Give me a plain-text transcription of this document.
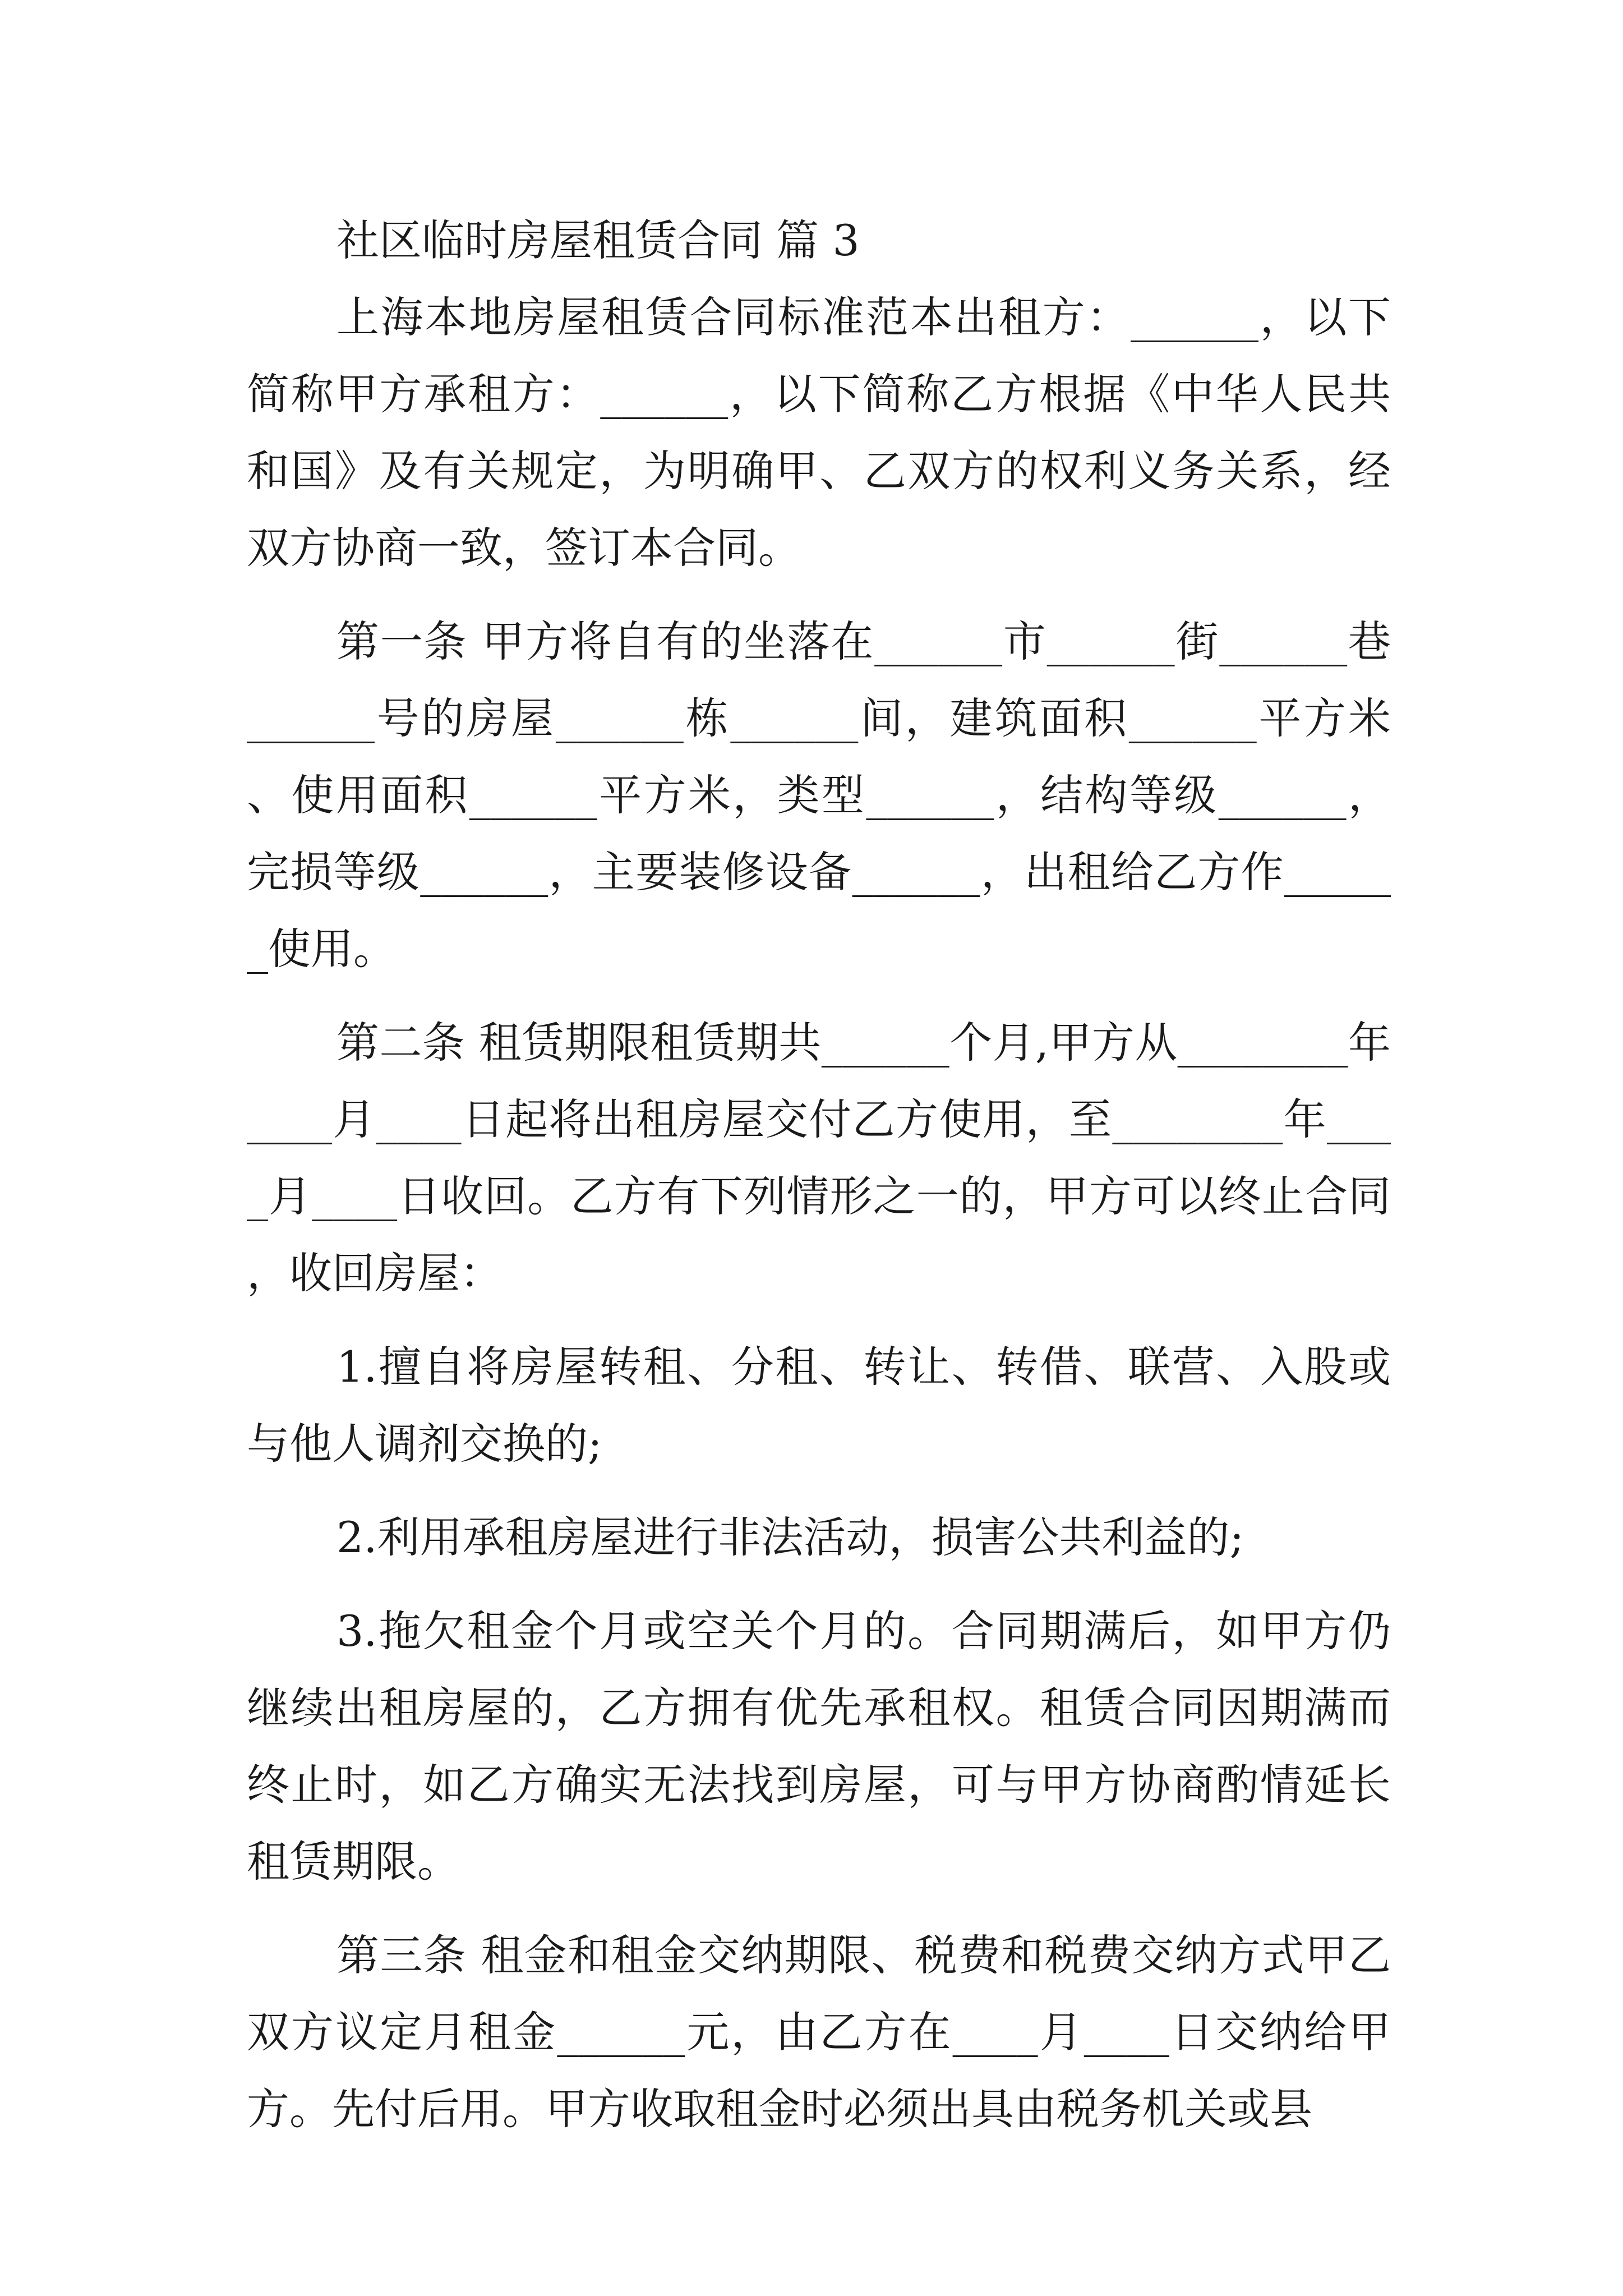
社区临时房屋租赁合同 篇 3

上海本地房屋租赁合同标准范本出租方：______，以下简称甲方承租方：______，以下简称乙方根据《中华人民共和国》及有关规定，为明确甲、乙双方的权利义务关系，经双方协商一致，签订本合同。

第一条 甲方将自有的坐落在______市______街______巷______号的房屋______栋______间，建筑面积______平方米、使用面积______平方米，类型______，结构等级______，完损等级______，主要装修设备______，出租给乙方作______使用。

第二条 租赁期限租赁期共______个月,甲方从________年____月____日起将出租房屋交付乙方使用，至________年____月____日收回。乙方有下列情形之一的，甲方可以终止合同，收回房屋：

1.擅自将房屋转租、分租、转让、转借、联营、入股或与他人调剂交换的;

2.利用承租房屋进行非法活动，损害公共利益的;

3.拖欠租金个月或空关个月的。合同期满后，如甲方仍继续出租房屋的，乙方拥有优先承租权。租赁合同因期满而终止时，如乙方确实无法找到房屋，可与甲方协商酌情延长租赁期限。

第三条 租金和租金交纳期限、税费和税费交纳方式甲乙双方议定月租金______元，由乙方在____月____日交纳给甲方。先付后用。甲方收取租金时必须出具由税务机关或县
